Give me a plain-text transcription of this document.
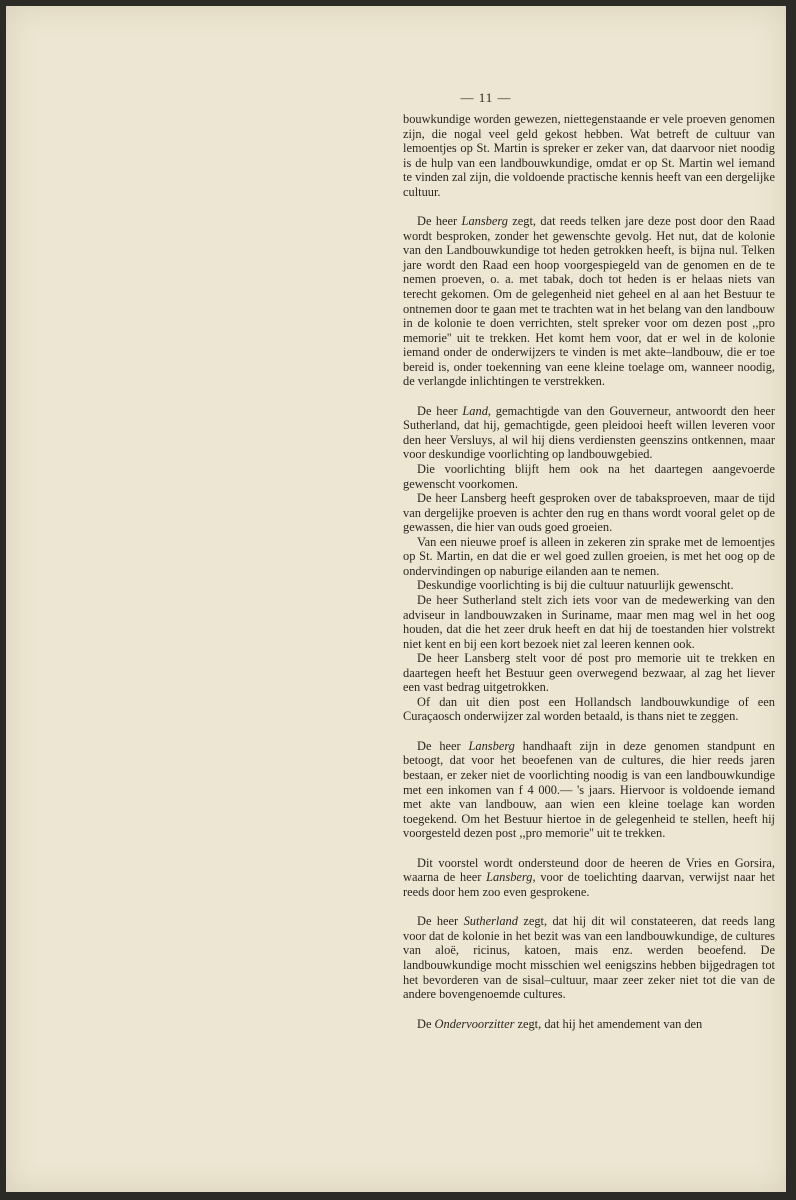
— 11 —

bouwkundige worden gewezen, niettegenstaande er vele proeven genomen zijn, die nogal veel geld gekost hebben. Wat betreft de cultuur van lemoentjes op St. Martin is spreker er zeker van, dat daarvoor niet noodig is de hulp van een landbouwkundige, omdat er op St. Martin wel iemand te vinden zal zijn, die voldoende practische kennis heeft van een dergelijke cultuur.

De heer Lansberg zegt, dat reeds telken jare deze post door den Raad wordt besproken, zonder het gewenschte gevolg. Het nut, dat de kolonie van den Landbouwkundige tot heden getrokken heeft, is bijna nul. Telken jare wordt den Raad een hoop voorgespiegeld van de genomen en de te nemen proeven, o. a. met tabak, doch tot heden is er helaas niets van terecht gekomen. Om de gelegenheid niet geheel en al aan het Bestuur te ontnemen door te gaan met te trachten wat in het belang van den landbouw in de kolonie te doen verrichten, stelt spreker voor om dezen post ,,pro memorie'' uit te trekken. Het komt hem voor, dat er wel in de kolonie iemand onder de onderwijzers te vinden is met akte–landbouw, die er toe bereid is, onder toekenning van eene kleine toelage om, wanneer noodig, de verlangde inlichtingen te verstrekken.

De heer Land, gemachtigde van den Gouverneur, antwoordt den heer Sutherland, dat hij, gemachtigde, geen pleidooi heeft willen leveren voor den heer Versluys, al wil hij diens verdiensten geenszins ontkennen, maar voor deskundige voorlichting op landbouwgebied.

Die voorlichting blijft hem ook na het daartegen aangevoerde gewenscht voorkomen.

De heer Lansberg heeft gesproken over de tabaksproeven, maar de tijd van dergelijke proeven is achter den rug en thans wordt vooral gelet op de gewassen, die hier van ouds goed groeien.

Van een nieuwe proef is alleen in zekeren zin sprake met de lemoentjes op St. Martin, en dat die er wel goed zullen groeien, is met het oog op de ondervindingen op naburige eilanden aan te nemen.

Deskundige voorlichting is bij die cultuur natuurlijk gewenscht.

De heer Sutherland stelt zich iets voor van de medewerking van den adviseur in landbouwzaken in Suriname, maar men mag wel in het oog houden, dat die het zeer druk heeft en dat hij de toestanden hier volstrekt niet kent en bij een kort bezoek niet zal leeren kennen ook.

De heer Lansberg stelt voor dé post pro memorie uit te trekken en daartegen heeft het Bestuur geen overwegend bezwaar, al zag het liever een vast bedrag uitgetrokken.

Of dan uit dien post een Hollandsch landbouwkundige of een Curaçaosch onderwijzer zal worden betaald, is thans niet te zeggen.

De heer Lansberg handhaaft zijn in deze genomen standpunt en betoogt, dat voor het beoefenen van de cultures, die hier reeds jaren bestaan, er zeker niet de voorlichting noodig is van een landbouwkundige met een inkomen van f 4 000.— 's jaars. Hiervoor is voldoende iemand met akte van landbouw, aan wien een kleine toelage kan worden toegekend. Om het Bestuur hiertoe in de gelegenheid te stellen, heeft hij voorgesteld dezen post ,,pro memorie'' uit te trekken.

Dit voorstel wordt ondersteund door de heeren de Vries en Gorsira, waarna de heer Lansberg, voor de toelichting daarvan, verwijst naar het reeds door hem zoo even gesprokene.

De heer Sutherland zegt, dat hij dit wil constateeren, dat reeds lang voor dat de kolonie in het bezit was van een landbouwkundige, de cultures van aloë, ricinus, katoen, mais enz. werden beoefend. De landbouwkundige mocht misschien wel eenigszins hebben bijgedragen tot het bevorderen van de sisal–cultuur, maar zeer zeker niet tot die van de andere bovengenoemde cultures.

De Ondervoorzitter zegt, dat hij het amendement van den
